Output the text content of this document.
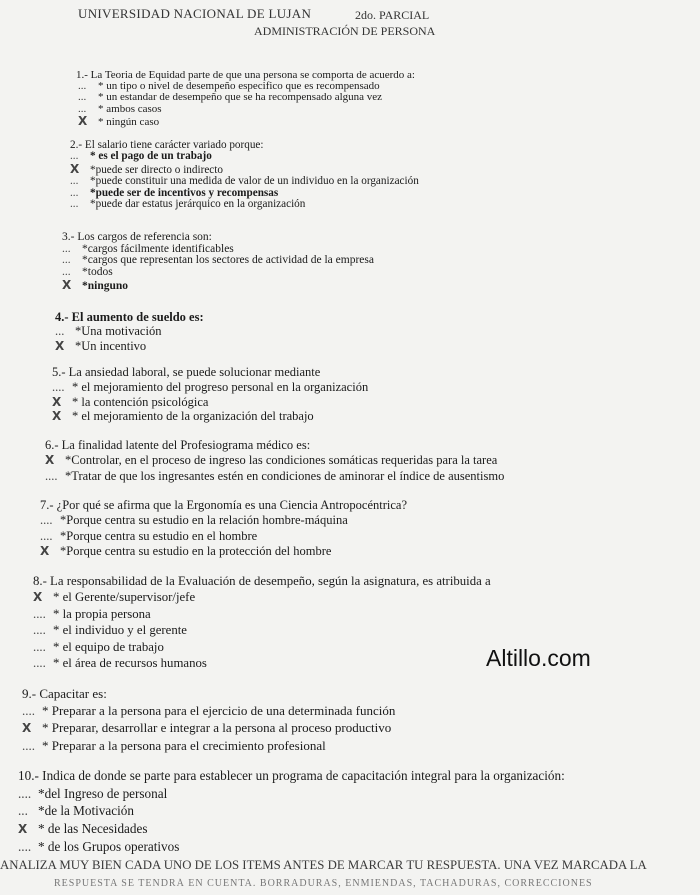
UNIVERSIDAD NACIONAL DE LUJAN	2do. PARCIAL
ADMINISTRACIÓN DE PERSONA
1.- La Teoria de Equidad parte de que una persona se comporta de acuerdo a:
... * un tipo o nivel de desempeño especifico que es recompensado
... * un estandar de desempeño que se ha recompensado alguna vez
... * ambos casos
X * ningún caso
2.- El salario tiene carácter variado porque:
... * es el pago de un trabajo
X *puede ser directo o indirecto
... *puede constituir una medida de valor de un individuo en la organización
... *puede ser de incentivos y recompensas
... *puede dar estatus jerárquico en la organización
3.- Los cargos de referencia son:
... *cargos fácilmente identificables
... *cargos que representan los sectores de actividad de la empresa
... *todos
X *ninguno
4.- El aumento de sueldo es:
... *Una motivación
X *Un incentivo
5.- La ansiedad laboral, se puede solucionar mediante
.... * el mejoramiento del progreso personal en la organización
X * la contención psicológica
X * el mejoramiento de la organización del trabajo
6.- La finalidad latente del Profesiograma médico es:
X *Controlar, en el proceso de ingreso las condiciones somáticas requeridas para la tarea
.... *Tratar de que los ingresantes estén en condiciones de aminorar el índice de ausentismo
7.- ¿Por qué se afirma que la Ergonomía es una Ciencia Antropocéntrica?
.... *Porque centra su estudio en la relación hombre-máquina
.... *Porque centra su estudio en el hombre
X *Porque centra su estudio en la protección del hombre
8.- La responsabilidad de la Evaluación de desempeño, según la asignatura, es atribuida a
X * el Gerente/supervisor/jefe
.... * la propia persona
.... * el individuo y el gerente
.... * el equipo de trabajo
.... * el área de recursos humanos	Altillo.com
9.- Capacitar es:
.... * Preparar a la persona para el ejercicio de una determinada función
X * Preparar, desarrollar e integrar a la persona al proceso productivo
.... * Preparar a la persona para el crecimiento profesional
10.- Indica de donde se parte para establecer un programa de capacitación integral para la organización:
.... *del Ingreso de personal
... *de la Motivación
X * de las Necesidades
.... * de los Grupos operativos
ANALIZA MUY BIEN CADA UNO DE LOS ITEMS ANTES DE MARCAR TU RESPUESTA. UNA VEZ MARCADA LA
RESPUESTA SE TENDRÁ EN CUENTA. BORRADURAS, ENMIENDAS, TACHADURAS, CORRECCIONES
